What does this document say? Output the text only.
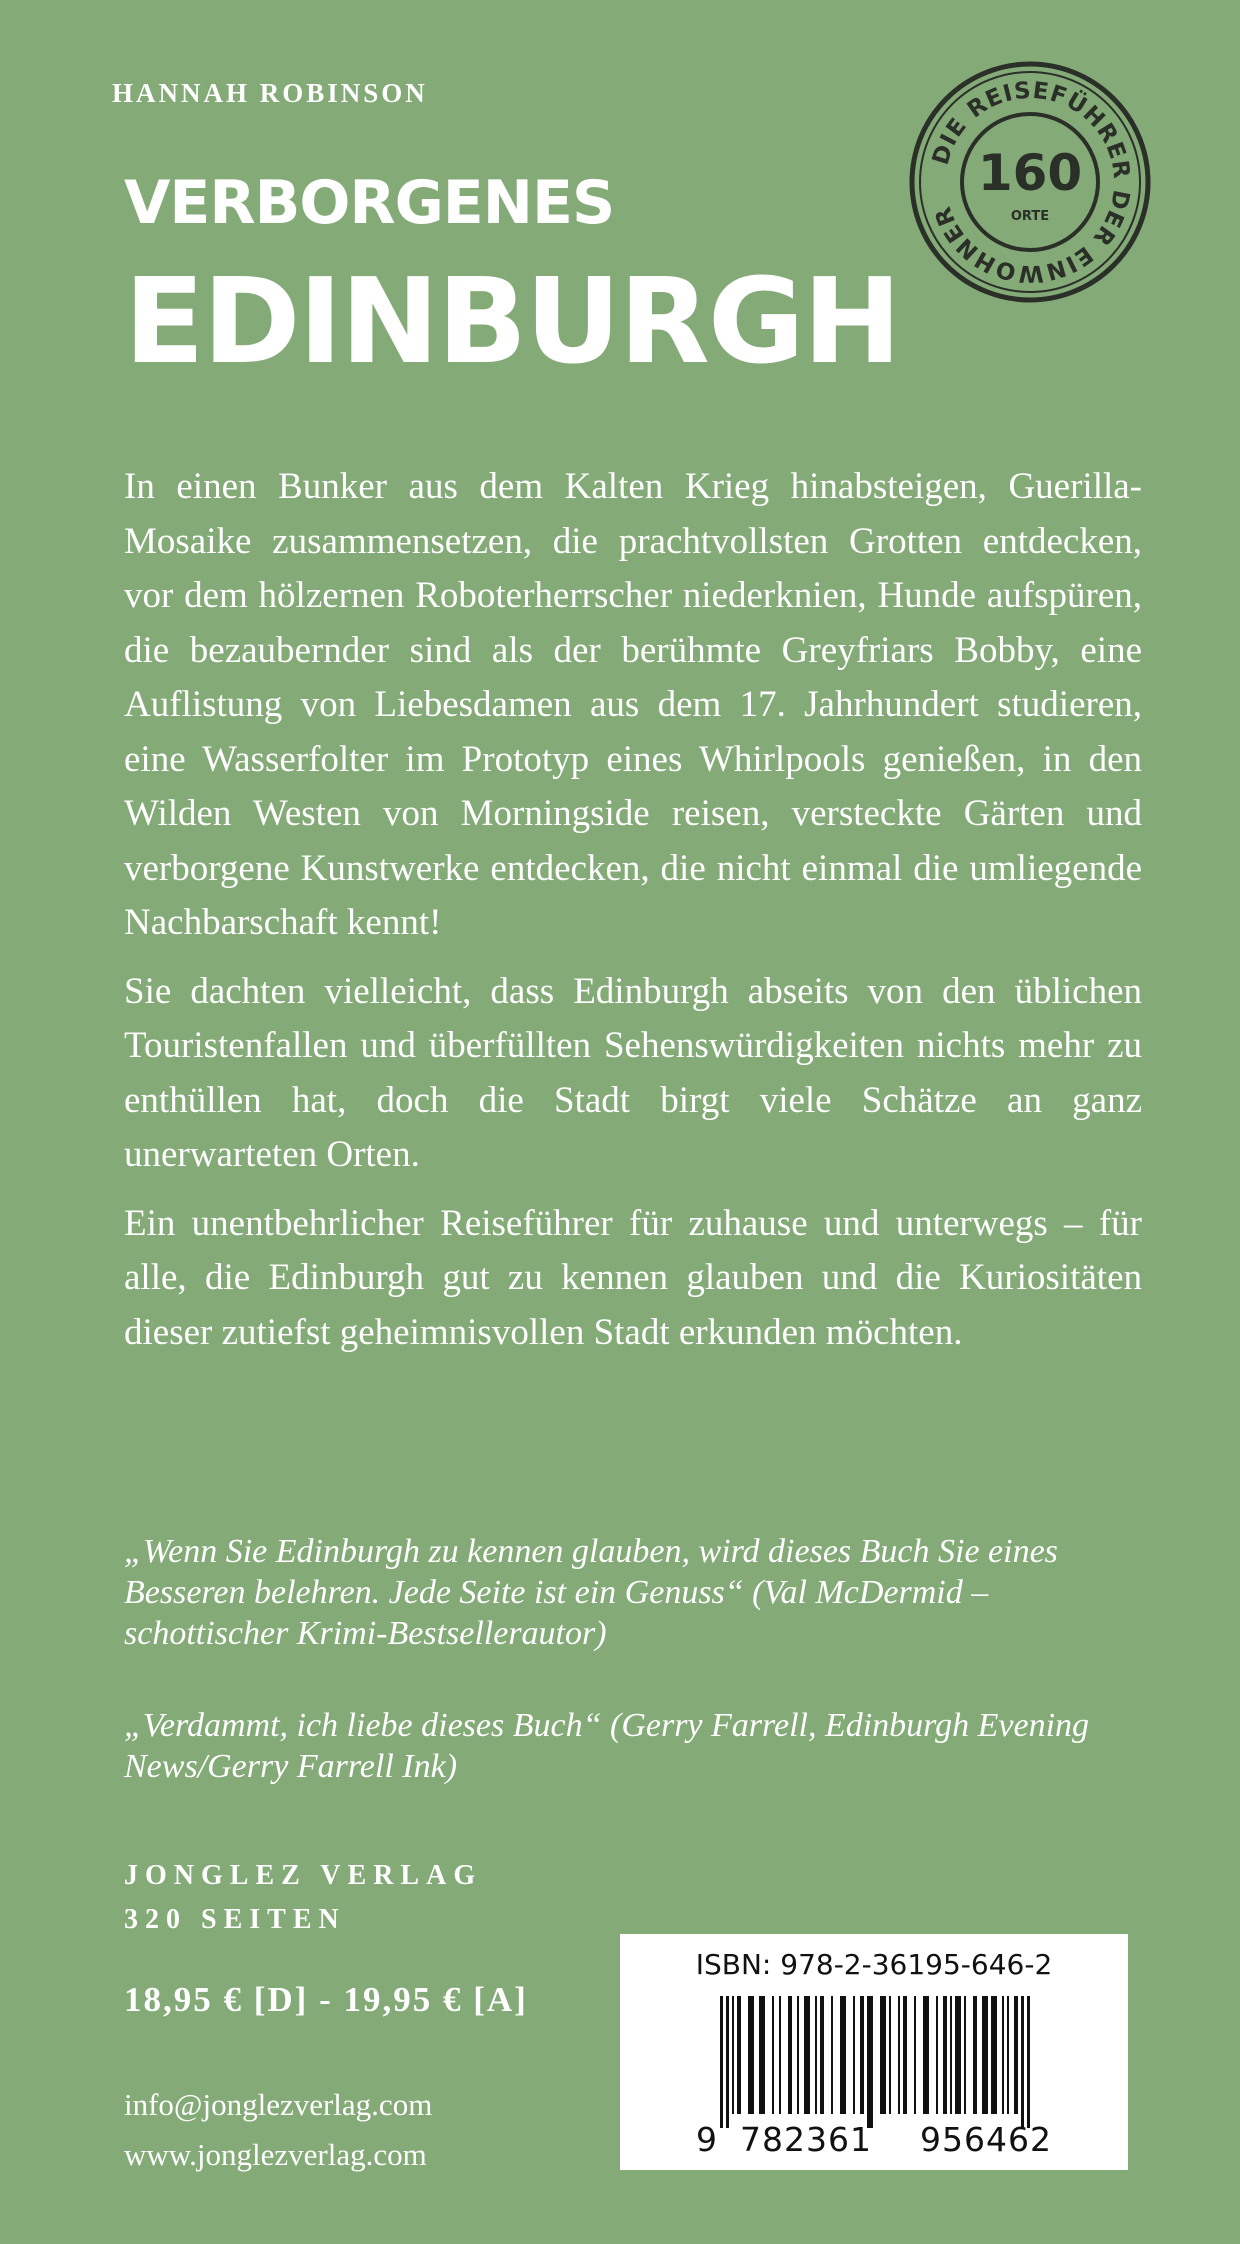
HANNAH ROBINSON
VERBORGENES
EDINBURGH
DIE REISEFÜHRER DER EINWOHNER
160
ORTE

In einen Bunker aus dem Kalten Krieg hinabsteigen, Guerilla-Mosaike zusammensetzen, die prachtvollsten Grotten entdecken, vor dem hölzernen Roboterherrscher niederknien, Hunde aufspüren, die bezaubernder sind als der berühmte Greyfriars Bobby, eine Auflistung von Liebesdamen aus dem 17. Jahrhundert studieren, eine Wasserfolter im Prototyp eines Whirlpools genießen, in den Wilden Westen von Morningside reisen, versteckte Gärten und verborgene Kunstwerke entdecken, die nicht einmal die umliegende Nachbarschaft kennt!

Sie dachten vielleicht, dass Edinburgh abseits von den üblichen Touristenfallen und überfüllten Sehenswürdigkeiten nichts mehr zu enthüllen hat, doch die Stadt birgt viele Schätze an ganz unerwarteten Orten.

Ein unentbehrlicher Reiseführer für zuhause und unterwegs – für alle, die Edinburgh gut zu kennen glauben und die Kuriositäten dieser zutiefst geheimnisvollen Stadt erkunden möchten.

„Wenn Sie Edinburgh zu kennen glauben, wird dieses Buch Sie eines Besseren belehren. Jede Seite ist ein Genuss“ (Val McDermid – schottischer Krimi-Bestsellerautor)
„Verdammt, ich liebe dieses Buch“ (Gerry Farrell, Edinburgh Evening News/Gerry Farrell Ink)
JONGLEZ VERLAG
320 SEITEN
18,95 € [D] - 19,95 € [A]
info@jonglezverlag.com
www.jonglezverlag.com
ISBN: 978-2-36195-646-2
9 782361 956462
